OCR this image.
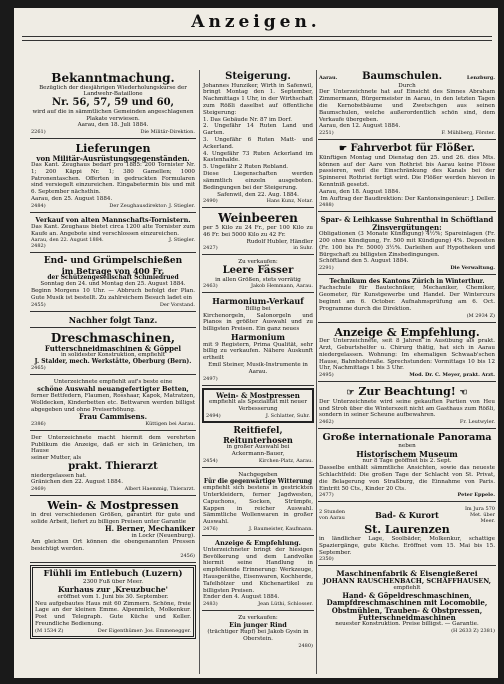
Anzeigen.
Bekanntmachung.
Bezüglich der diesjährigen Wiederholungskurse der Landwehr-Bataillone
Nr. 56, 57, 59 und 60,
wird auf die in sämmtlichen Gemeinden angeschlagenen Plakate verwiesen.
Aarau, den 18. Juli 1884.
2261)	Die Militär-Direktion.
Lieferungen
von Militär-Ausrüstungsgegenständen.
Das Kant. Zeughaus bedarf pro 1885: 200 Tornister Nr. 1; 200 Käppi Nr. 1; 380 Gamellen; 1000 Patronentaschen. Offerten in gedruckten Formularen sind versiegelt einzureichen. Eingabetermin bis und mit 6. September nächsthin.
Aarau, den 25. August 1884.
2484)	Der Zeughausdirektor: J. Stiegler.
Verkauf von alten Mannschafts-Tornistern.
Das Kant. Zeughaus bietet circa 1200 alte Tornister zum Kaufe an. Angebote sind verschlossen einzureichen.
Aarau, den 22. August 1884.	J. Stiegler.
2482)
End- und Grümpelschießen
im Betrage von 400 Fr.
der Schützengesellschaft Schmiedrued
Sonntag den 24. und Montag den 25. August 1884.
Beginn Morgens 10 Uhr. — Abbruch befolgt der Plan. Gute Musik ist bestellt. Zu zahlreichem Besuch ladet ein
2455)	Der Vorstand.
Nachher folgt Tanz.
Dreschmaschinen,
Futterschneidmaschinen & Göppel
in solidester Konstruktion, empfiehlt
J. Stalder, mech. Werkstätte, Oberburg (Bern).
2465)
Unterzeichnete empfiehlt auf's beste eine
schöne Auswahl neuangefertigter Betten,
ferner Bettfedern, Flaumen, Rosshaar, Kapok, Matratzen, Wolldecken, Kinderbetten etc. Bettwaren werden billigst abgegeben und ohne Preiserhöhung.
Frau Cammisens.
2386)	Küttigen bei Aarau.
Der Unterzeichnete macht hiermit dem verehrten Publikum die Anzeige, daß er sich in Gränichen, im Hause
seiner Mutter, als
prakt. Thierarzt
niedergelassen hat.
Gränichen den 22. August 1884.
2469)	Albert Haemmig, Thierarzt.
Wein- & Mostpressen
in drei verschiedenen Größen, garantirt für gute und solide Arbeit, liefert zu billigen Preisen unter Garantie
H. Berner, Mechaniker
in Lockr (Neuenburg).
Am gleichen Ort können die obengenannten Pressen besichtigt werden.
2456)
Flühli im Entlebuch (Luzern)
2300 Fuß über Meer.
Kurhaus zur ‚Kreuzbuche'
eröffnet vom 1. Juni bis 30. September.
Neu aufgebautes Haus mit 60 Zimmern. Schöne, freie Lage an der kleinen Emme. Alpenmilch, Molkenkur. Post und Telegraph. Gute Küche und Keller. Freundliche Bedienung.
(M 1534 Z)	Der Eigenthümer: Jos. Emmenegger.
Steigerung.
Johannes Hunziker, Wirth in Safenwil, bringt Montag den 1. September, Nachmittags 1 Uhr, in der Wirthschaft zum Rößli daselbst auf öffentliche Steigerung:
1. Das Gebäude Nr. 87 im Dorf.
2. Ungefähr 14 Ruten Land und Garten.
3. Ungefähr 6 Ruten Matt- und Ackerland.
4. Ungefähr 73 Ruten Ackerland im Kastenhalde.
5. Ungefähr 2 Ruten Rebland.
Diese Liegenschaften werden sämmtlich einzeln ausgeboten. Bedingungen bei der Steigerung.
Safenwil, den 22. Aug. 1884.
2490)	Hans Kunz, Notar.
Weinbeeren
per 5 Kilo zu 24 Fr., per 100 Kilo zu 46 Fr. bei 5000 Kilo zu 42 Fr.
Rudolf Hubler, Händler
2427)	in Suhr.
Zu verkaufen:
Leere Fässer
in allen Größen, stets vorrätig
2463)	Jakob Hemmann, Aarau.
Harmonium-Verkauf
Billig bei
Kirchenorgeln, Salonorgeln und Pianos in größter Auswahl und zu billigsten Preisen. Ein ganz neues
Harmonium
mit 9 Registern, Prima Qualität, sehr billig zu verkaufen. Nähere Auskunft ertheilt
Emil Steiner, Musik-Instrumente in Aarau.
2497)
Wein- & Mostpressen
empfiehlt als Spezialität mit neuer Verbesserung
2494)	J. Schlatter, Suhr.
Reitfiefel,
Reitunterhosen
in großer Auswahl bei
Ackermann-Bauer,
2454)	Kirchen-Platz, Aarau.
Nachgegeben
Für die gegenwärtige Witterung
empfiehlt sich bestens in gestrickten Unterkleidern, ferner Jagdwesten, Capuchons, Socken, Strümpfe, Kappen in reicher Auswahl. Sämmtliche Wollenwaren in großer Auswahl.
2476)	J. Baumeister, Kaufmann.
Anzeige & Empfehlung.
Unterzeichneter bringt der hiesigen Bevölkerung und dem Landvolke hiermit seine Handlung in empfehlende Erinnerung: Werkzeuge, Hausgeräthe, Eisenwaren, Kochherde, Tafelhölzer und Küchenartikel zu billigsten Preisen.
Ender den 4. August 1884.
2483)	Jean Lüthi, Schlosser.
Zu verkaufen:
Ein junger Rind
(trächtiger Rupf) bei Jakob Gysin in Oberstein.
2480)
Aarau. Baumschulen.	Lenzburg.
Durch
Der Unterzeichnete hat auf Einsicht des Sinnes Abraham Zimmermann, Bürgermeister in Aarau, in den letzten Tagen die Kernobstbäume und Zwetschgen aus seinen Baumschulen, welche außerordentlich schön sind, dem Verkaufe übergeben.
Aarau, den 12. August 1884.
2251)	F. Mühlberg, Förster.
☛ Fahrverbot für Flößer.
Künftigen Montag und Dienstag den 25. und 26. dies Mts. können auf der Aare von Rothrist bis Aarau keine Flösse passieren, weil die Einschränkung des Kanals bei der Spinnerei Rothrist fertigt wird. Die Flößer werden hievon in Kenntniß gesetzt.
Aarau, den 18. August 1884.
Im Auftrag der Baudirektion: Der Kantonsingenieur: J. Deller.
2488)
Spar- & Leihkasse Suhrenthal in Schöftland
Zinsvergütungen:
Obligationen (3 Monate Kündigung) 4½%; Spareinlagen (Fr. 200 ohne Kündigung, Fr. 500 mit Kündigung) 4%. Depositen (Fr. 100 bis Fr. 5000) 3½%. Darleihen auf Hypotheken und Bürgschaft zu billigsten Zinsbedingungen.
Schöftland den 5. August 1884.
2291)	Die Verwaltung.
Technikum des Kantons Zürich in Winterthur.
Fachschule für Bautechniker, Mechaniker, Chemiker, Geometer, für Kunstgewerbe und Handel. Der Wintercurs beginnt am 6. October. Aufnahmsprüfung am 6. Oct. Programme durch die Direktion.
(M 2934 Z)
Anzeige & Empfehlung.
Der Unterzeichnete, seit 8 Jahren in Ausübung als prakt. Arzt, Geburtshelfer u. Chirurg thätig, hat sich in Aarau niedergelassen. Wohnung: Im ehemaligen Schwaab'schen Hause, Bahnhofstraße. Sprechstunden: Vormittags 10 bis 12 Uhr, Nachmittags 1 bis 3 Uhr.
2495)	Mod. Dr. C. Meyer, prakt. Arzt.
☞ Zur Beachtung! ☜
Der Unterzeichnete wird seine gekauften Partien von Heu und Stroh über die Winterszeit nicht am Gasthaus zum Rößli, sondern in seiner Scheune aufbewahren.
2462)	Fr. Leutwyler.
Große internationale Panorama
neben
Historischem Museum
nur 8 Tage geöffnet bis 2. Sept.
Dasselbe enthält sämmtliche Ansichten, sowie das neueste Schlachtfeld: Die großen Tage der Schlacht von St. Privat, die Belagerung von Straßburg, die Einnahme von Paris. Eintritt 50 Cts., Kinder 20 Cts.
2477)	Peter Eppele.
2 Stunden von Aarau	Bad- & Kurort
Im Jura 570 Met. über Meer.
St. Laurenzen
in ländlicher Lage, Soolbäder, Molkenkur, schattige Spaziergänge, gute Küche. Eröffnet vom 15. Mai bis 15. September.
2350)
Maschinenfabrik & Eisengießerei
JOHANN RAUSCHENBACH, SCHAFFHAUSEN,
empfiehlt
Hand- & Göpeldreschmaschinen, Dampfdreschmaschinen mit Locomobile, Obstmühlen, Trauben- & Obstpressen, Futterschneidmaschinen
neuester Konstruktion. Preise billigst. — Garantie.
(H 2633 Z) 2381)
